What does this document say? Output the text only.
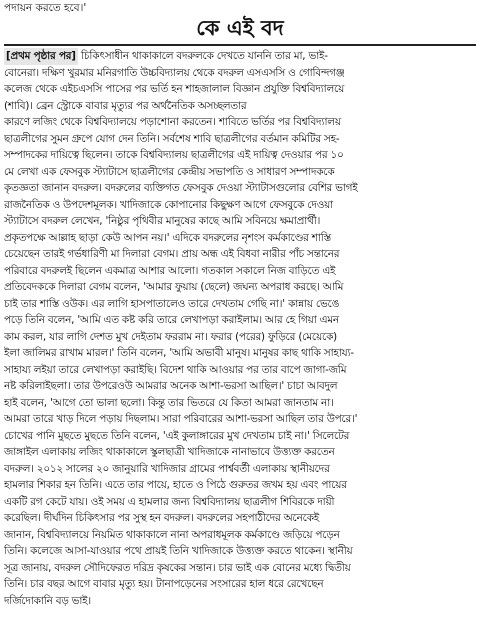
পদায়ন করতে হবে।'
কে এই বদ
[প্রথম পৃষ্ঠার পর] চিকিৎসাধীন থাকাকালে বদরুলকে দেখতে যাননি তার মা, ভাই-
বোনেরা। দক্ষিণ খুরমার মনিরগাতি উচ্চবিদ্যালয় থেকে বদরুল এসএসসি ও গোবিন্দগঞ্জ
কলেজ থেকে এইচএসসি পাসের পর ভর্তি হন শাহজালাল বিজ্ঞান প্রযুক্তি বিশ্ববিদ্যালয়ে
(শাবি)। ব্রেন স্ট্রোকে বাবার মৃত্যুর পর অর্থনৈতিক অসচ্ছলতার
কারণে লজিং থেকে বিশ্ববিদ্যালয়ে পড়াশোনা করতেন। শাবিতে ভর্তির পর বিশ্ববিদ্যালয়
ছাত্রলীগের সুমন গ্রুপে যোগ দেন তিনি। সর্বশেষ শাবি ছাত্রলীগের বর্তমান কমিটির সহ-
সম্পাদকের দায়িত্বে ছিলেন। তাকে বিশ্ববিদ্যালয় ছাত্রলীগের এই দায়িত্ব দেওয়ার পর ১০
মে লেখা এক ফেসবুক স্ট্যাটাসে ছাত্রলীগের কেন্দ্রীয় সভাপতি ও সাধারণ সম্পাদককে
কৃতজ্ঞতা জানান বদরুল। বদরুলের ব্যক্তিগত ফেসবুক দেওয়া স্ট্যাটাসগুলোর বেশির ভাগই
রাজনৈতিক ও উপদেশমূলক। খাদিজাকে কোপানোর কিছুক্ষণ আগে ফেসবুকে দেওয়া
স্ট্যাটাসে বদরুল লেখেন, 'নিষ্ঠুর পৃথিবীর মানুষের কাছে আমি সবিনয়ে ক্ষমাপ্রার্থী।
প্রকৃতপক্ষে আল্লাহ ছাড়া কেউ আপন নয়।' এদিকে বদরুলের নৃশংস কর্মকাণ্ডের শাস্তি
চেয়েছেন তারই গর্ভধারিণী মা দিলারা বেগম। প্রায় অন্ধ এই বিধবা নারীর পাঁচ সন্তানের
পরিবারে বদরুলই ছিলেন একমাত্র আশার আলো। গতকাল সকালে নিজ বাড়িতে এই
প্রতিবেদককে দিলারা বেগম বলেন, 'আমার ফুয়ায় (ছেলে) জঘন্য অপরাধ করছে। আমি
চাই তার শাস্তি ওউক। এর লাগি হাসপাতালেও তারে দেখতাম গেছি না।' কান্নায় ভেঙে
পড়ে তিনি বলেন, 'আমি এত কষ্ট করি তারে লেখাপড়া করাইলাম। আর হে গিয়া এমন
কাম করল, যার লাগি দেশত মুখ দেইতাম ফররাম না। ফরার (পরের) ফুড়িরে (মেয়েকে)
ইলা জালিমর রাখাম মারল।' তিনি বলেন, 'আমি অভাবী মানুষ। মানুষর কাছ থাকি সাহায্য-
সাহায্য লইয়া তারে লেখাপড়া করাইছি। বিদেশ থাকি আওয়ার পর তার বাপে জাগা-জমি
নষ্ট করিলাইছলা। তার উপরেওউ আমরার অনেক আশা-ভরসা আছিল।' চাচা আবদুল
হাই বলেন, 'আগে তো ভালা ছলো। কিন্তু তার ভিতরে যে কিতা আমরা জানতাম না।
আমরা তারে খাড় দিলে পড়ায় দিছলাম। সারা পরিবারের আশা-ভরসা আছিল তার উপরে।'
চোখের পানি মুছতে মুছতে তিনি বলেন, 'এই কুলাঙ্গারের মুখ দেখতাম চাই না।' সিলেটের
জাঙ্গাইল এলাকায় লজিং থাকাকালে স্কুলছাত্রী খাদিজাকে নানাভাবে উত্ত্যক্ত করতেন
বদরুল। ২০১২ সালের ২০ জানুয়ারি খাদিজার গ্রামের পার্শ্ববর্তী এলাকায় স্থানীয়দের
হামলার শিকার হন তিনি। এতে তার পায়ে, হাতে ও পিঠে গুরুতর জখম হয় এবং পায়ের
একটি রগ কেটে যায়। ওই সময় এ হামলার জন্য বিশ্ববিদ্যালয় ছাত্রলীগ শিবিরকে দায়ী
করেছিল। দীর্ঘদিন চিকিৎসার পর সুস্থ হন বদরুল। বদরুলের সহপাঠীদের অনেকেই
জানান, বিশ্ববিদ্যালয়ে নিয়মিত থাকাকালে নানা অপরাধমূলক কর্মকাণ্ডে জড়িয়ে পড়েন
তিনি। কলেজে আসা-যাওয়ার পথে প্রায়ই তিনি খাদিজাকে উত্ত্যক্ত করতে থাকেন। স্থানীয়
সূত্র জানায়, বদরুল সৌদিফেরত দরিদ্র কৃষকের সন্তান। চার ভাই এক বোনের মধ্যে দ্বিতীয়
তিনি। চার বছর আগে বাবার মৃত্যু হয়। টানাপড়েনের সংসারের হাল ধরে রেখেছেন
দর্জিদোকানি বড় ভাই।
